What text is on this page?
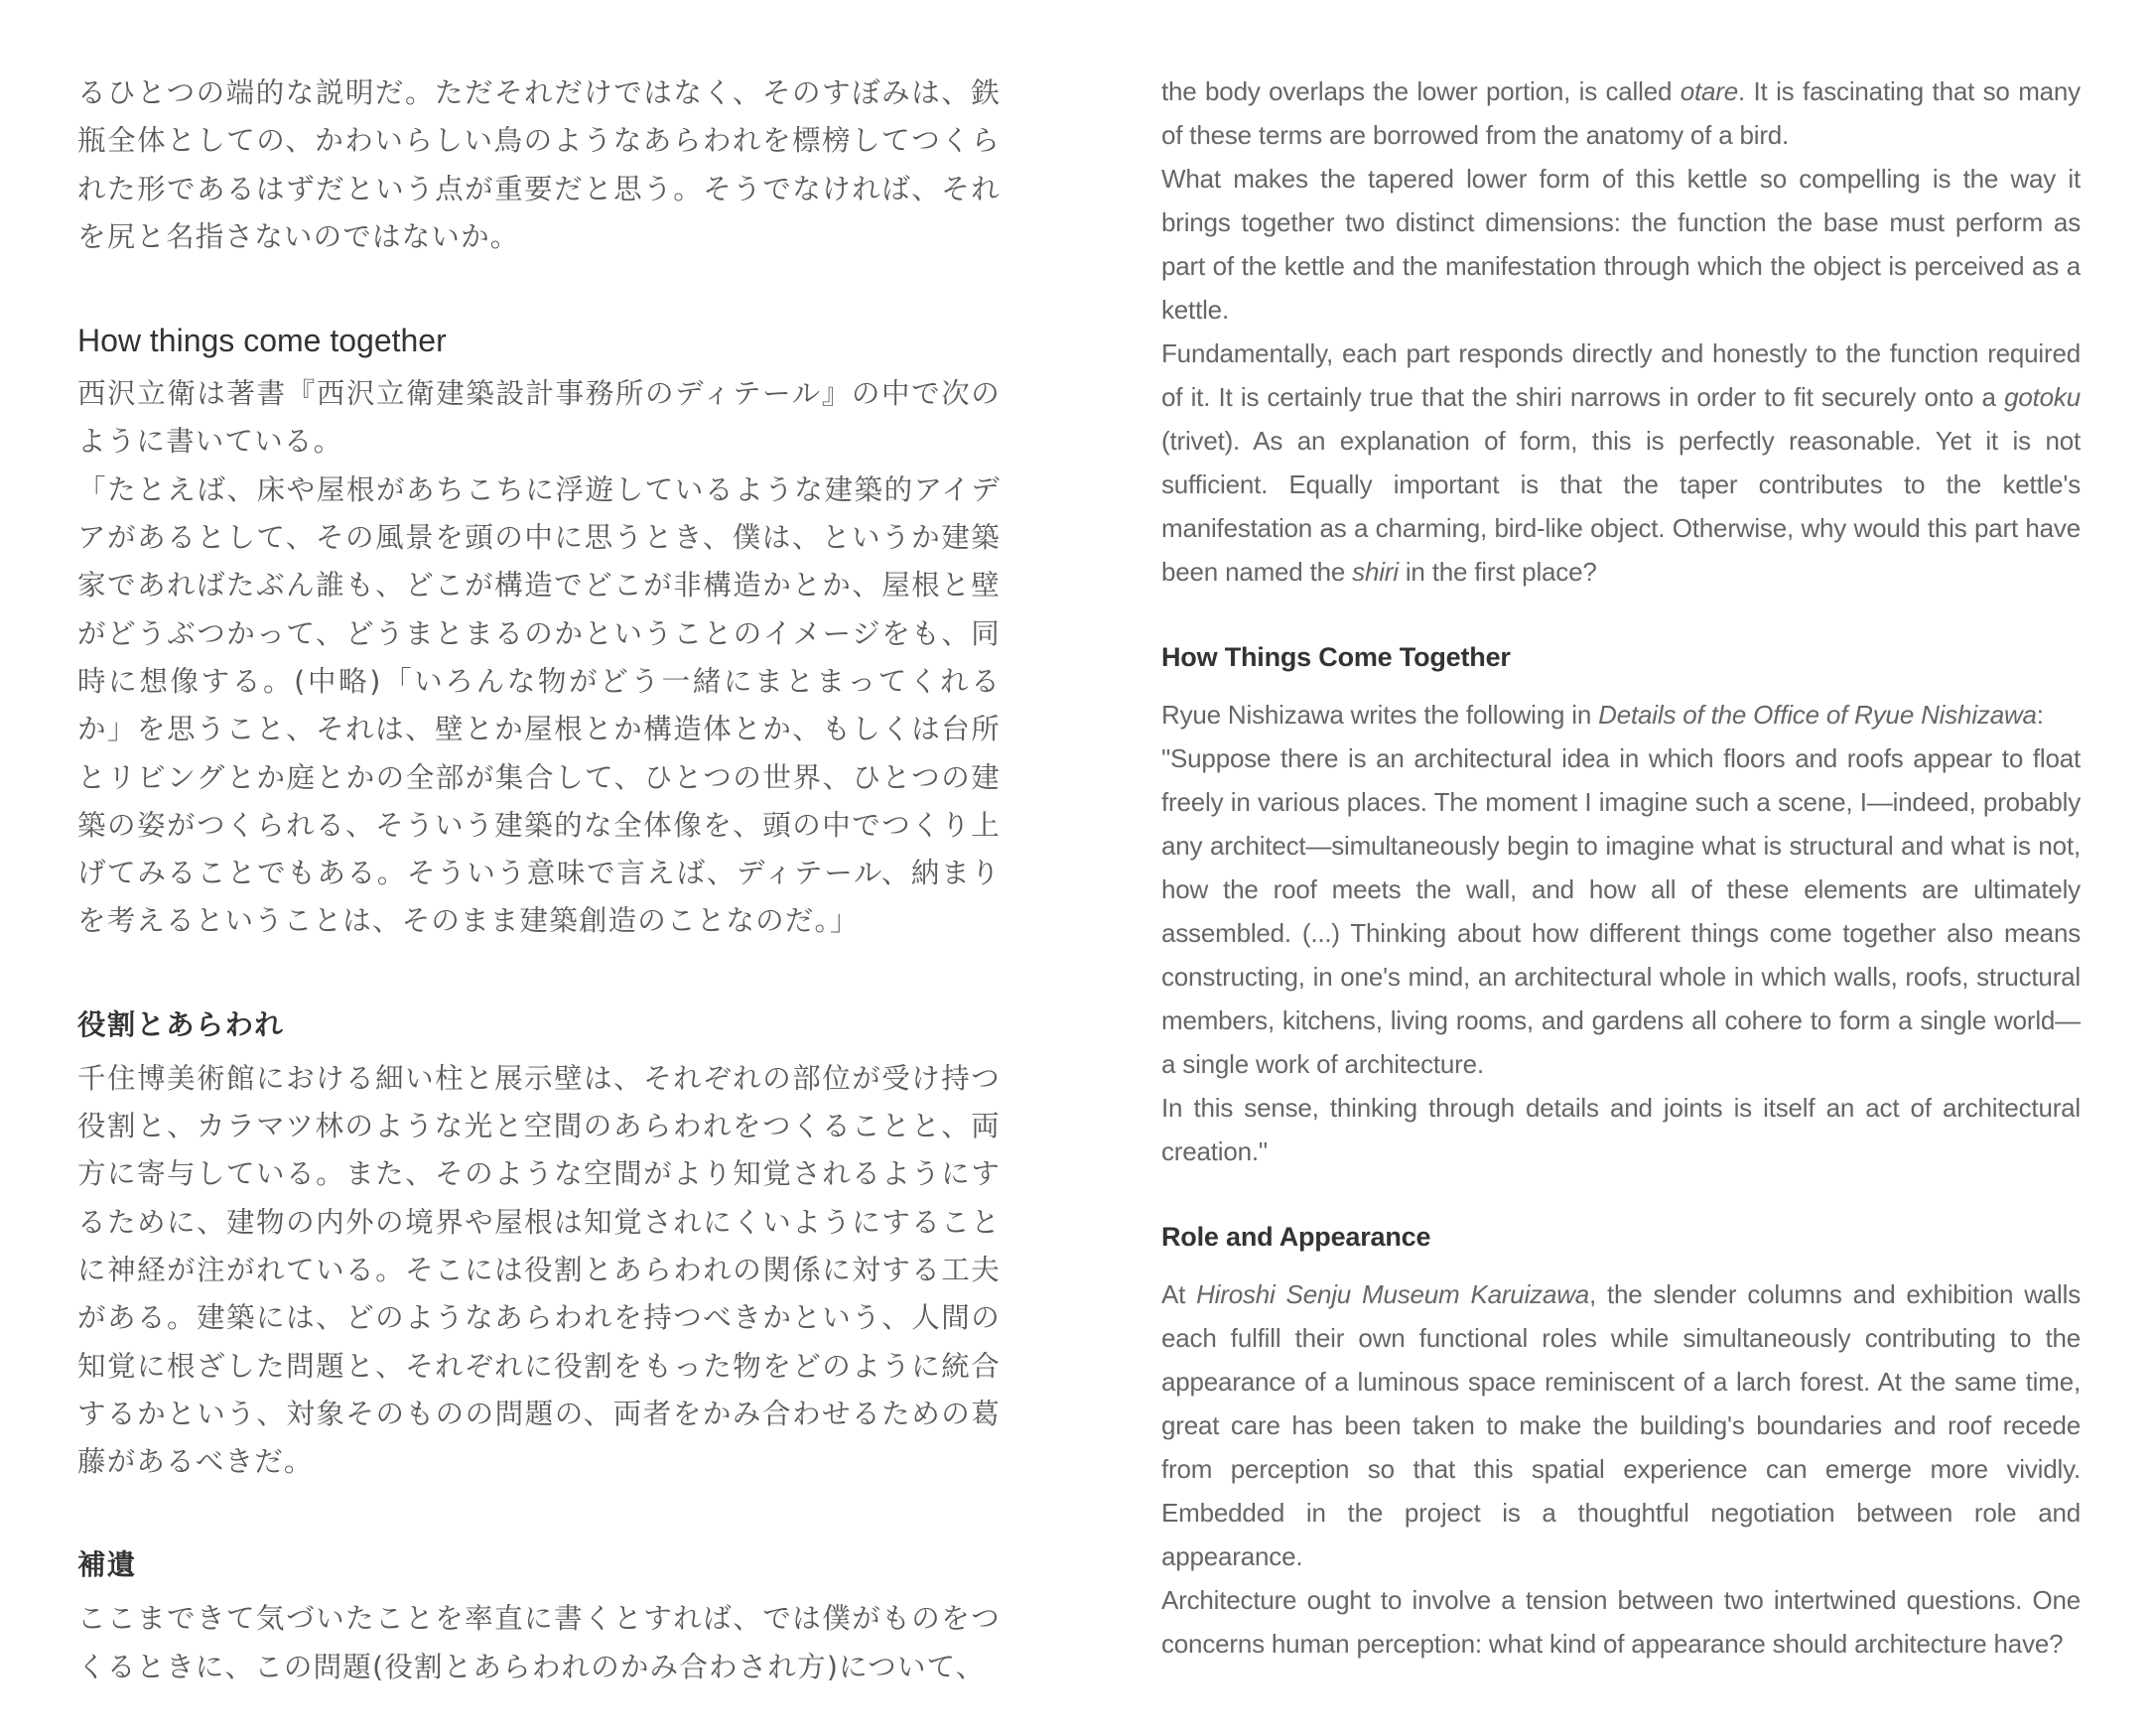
るひとつの端的な説明だ。ただそれだけではなく、そのすぼみは、鉄瓶全体としての、かわいらしい鳥のようなあらわれを標榜してつくられた形であるはずだという点が重要だと思う。そうでなければ、それを尻と名指さないのではないか。

How things come together

西沢立衛は著書『西沢立衛建築設計事務所のディテール』の中で次のように書いている。

「たとえば、床や屋根があちこちに浮遊しているような建築的アイデアがあるとして、その風景を頭の中に思うとき、僕は、というか建築家であればたぶん誰も、どこが構造でどこが非構造かとか、屋根と壁がどうぶつかって、どうまとまるのかということのイメージをも、同時に想像する。(中略)「いろんな物がどう一緒にまとまってくれるか」を思うこと、それは、壁とか屋根とか構造体とか、もしくは台所とリビングとか庭とかの全部が集合して、ひとつの世界、ひとつの建築の姿がつくられる、そういう建築的な全体像を、頭の中でつくり上げてみることでもある。そういう意味で言えば、ディテール、納まりを考えるということは、そのまま建築創造のことなのだ。」

役割とあらわれ

千住博美術館における細い柱と展示壁は、それぞれの部位が受け持つ役割と、カラマツ林のような光と空間のあらわれをつくることと、両方に寄与している。また、そのような空間がより知覚されるようにするために、建物の内外の境界や屋根は知覚されにくいようにすることに神経が注がれている。そこには役割とあらわれの関係に対する工夫がある。建築には、どのようなあらわれを持つべきかという、人間の知覚に根ざした問題と、それぞれに役割をもった物をどのように統合するかという、対象そのものの問題の、両者をかみ合わせるための葛藤があるべきだ。

補遺

ここまできて気づいたことを率直に書くとすれば、では僕がものをつくるときに、この問題(役割とあらわれのかみ合わされ方)について、

the body overlaps the lower portion, is called otare. It is fascinating that so many of these terms are borrowed from the anatomy of a bird.

What makes the tapered lower form of this kettle so compelling is the way it brings together two distinct dimensions: the function the base must perform as part of the kettle and the manifestation through which the object is perceived as a kettle.

Fundamentally, each part responds directly and honestly to the function required of it. It is certainly true that the shiri narrows in order to fit securely onto a gotoku (trivet). As an explanation of form, this is perfectly reasonable. Yet it is not sufficient. Equally important is that the taper contributes to the kettle's manifestation as a charming, bird-like object. Otherwise, why would this part have been named the shiri in the first place?

How Things Come Together

Ryue Nishizawa writes the following in Details of the Office of Ryue Nishizawa:

"Suppose there is an architectural idea in which floors and roofs appear to float freely in various places. The moment I imagine such a scene, I—indeed, probably any architect—simultaneously begin to imagine what is structural and what is not, how the roof meets the wall, and how all of these elements are ultimately assembled. (...) Thinking about how different things come together also means constructing, in one's mind, an architectural whole in which walls, roofs, structural members, kitchens, living rooms, and gardens all cohere to form a single world—a single work of architecture.

In this sense, thinking through details and joints is itself an act of architectural creation."

Role and Appearance

At Hiroshi Senju Museum Karuizawa, the slender columns and exhibition walls each fulfill their own functional roles while simultaneously contributing to the appearance of a luminous space reminiscent of a larch forest. At the same time, great care has been taken to make the building's boundaries and roof recede from perception so that this spatial experience can emerge more vividly. Embedded in the project is a thoughtful negotiation between role and appearance.

Architecture ought to involve a tension between two intertwined questions. One concerns human perception: what kind of appearance should architecture have?
